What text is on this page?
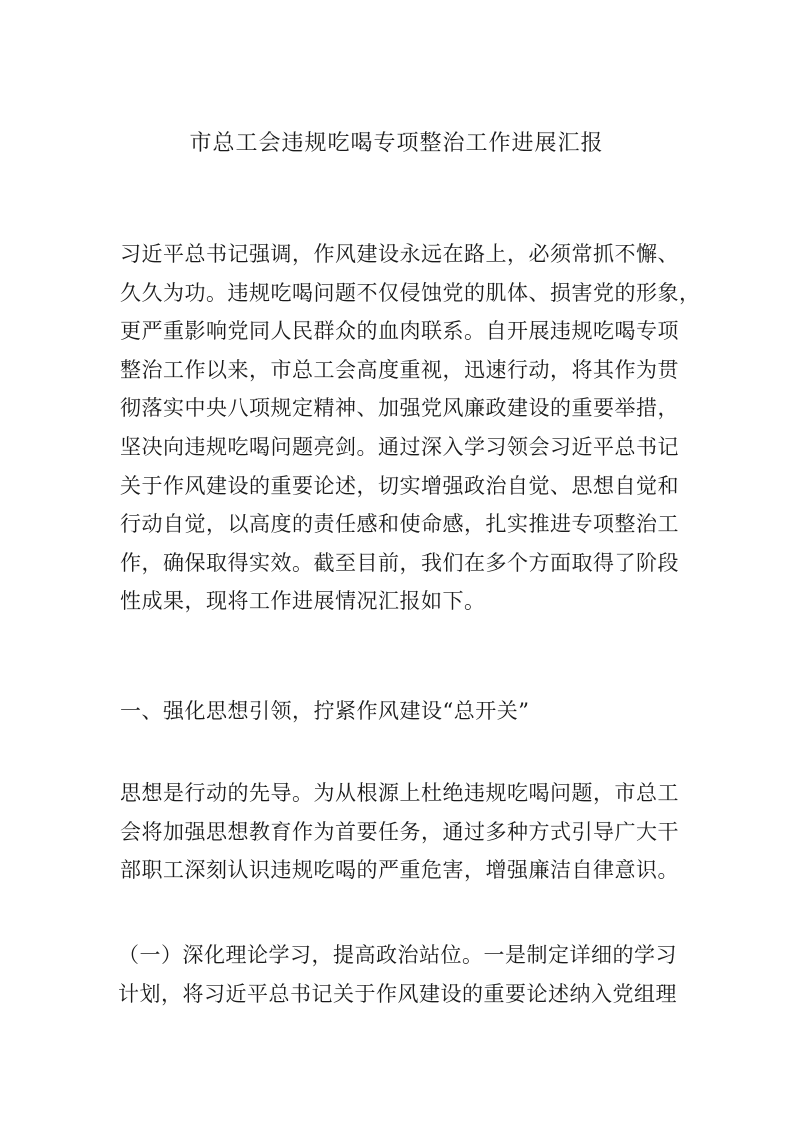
市总工会违规吃喝专项整治工作进展汇报
习近平总书记强调，作风建设永远在路上，必须常抓不懈、
久久为功。违规吃喝问题不仅侵蚀党的肌体、损害党的形象，
更严重影响党同人民群众的血肉联系。自开展违规吃喝专项
整治工作以来，市总工会高度重视，迅速行动，将其作为贯
彻落实中央八项规定精神、加强党风廉政建设的重要举措，
坚决向违规吃喝问题亮剑。通过深入学习领会习近平总书记
关于作风建设的重要论述，切实增强政治自觉、思想自觉和
行动自觉，以高度的责任感和使命感，扎实推进专项整治工
作，确保取得实效。截至目前，我们在多个方面取得了阶段
性成果，现将工作进展情况汇报如下。
一、强化思想引领，拧紧作风建设“总开关”
思想是行动的先导。为从根源上杜绝违规吃喝问题，市总工
会将加强思想教育作为首要任务，通过多种方式引导广大干
部职工深刻认识违规吃喝的严重危害，增强廉洁自律意识。
（一）深化理论学习，提高政治站位。一是制定详细的学习
计划，将习近平总书记关于作风建设的重要论述纳入党组理
